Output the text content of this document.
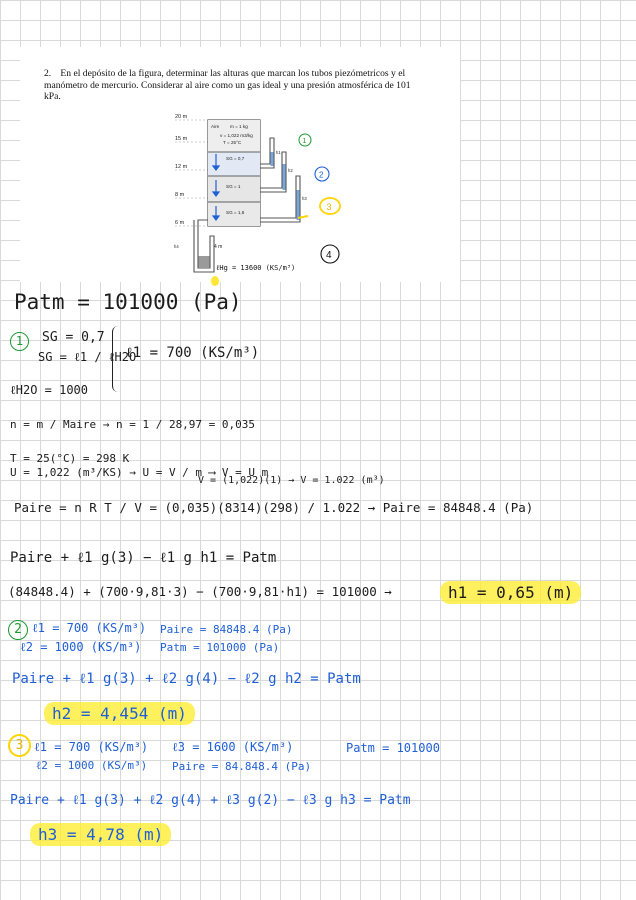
2. En el depósito de la figura, determinar las alturas que marcan los tubos piezómetricos y el manómetro de mercurio. Considerar al aire como un gas ideal y una presión atmosférica de 101 kPa.
20 m
15 m
12 m
8 m
6 m
Aire m = 1 kg
v = 1,022 m3/kg
T = 25°C
SG = 0,7
SG = 1
SG = 1,6
h1
h2
h3
h4	4 m
ℓHg = 13600 (KS/m³)
1
2
3
4
Patm = 101000 (Pa)
1	SG = 0,7
SG = ℓ1 / ℓH2O
ℓH2O = 1000
ℓ1 = 700 (KS/m³)
n = m / Maire → n = 1 / 28,97 = 0,035
T = 25(°C) = 298 K
U = 1,022 (m³/KS) → U = V / m ⟶ V = U m
V = (1,022)(1) → V = 1.022 (m³)
Paire = n R T / V = (0,035)(8314)(298) / 1.022 → Paire = 84848.4 (Pa)
Paire + ℓ1 g(3) − ℓ1 g h1 = Patm
(84848.4) + (700·9,81·3) − (700·9,81·h1) = 101000 →	h1 = 0,65 (m)
2 ℓ1 = 700 (KS/m³) Paire = 84848.4 (Pa)
ℓ2 = 1000 (KS/m³) Patm = 101000 (Pa)
Paire + ℓ1 g(3) + ℓ2 g(4) − ℓ2 g h2 = Patm
h2 = 4,454 (m)
3 ℓ1 = 700 (KS/m³) ℓ3 = 1600 (KS/m³)	Patm = 101000
ℓ2 = 1000 (KS/m³) Paire = 84.848.4 (Pa)
Paire + ℓ1 g(3) + ℓ2 g(4) + ℓ3 g(2) − ℓ3 g h3 = Patm
h3 = 4,78 (m)
